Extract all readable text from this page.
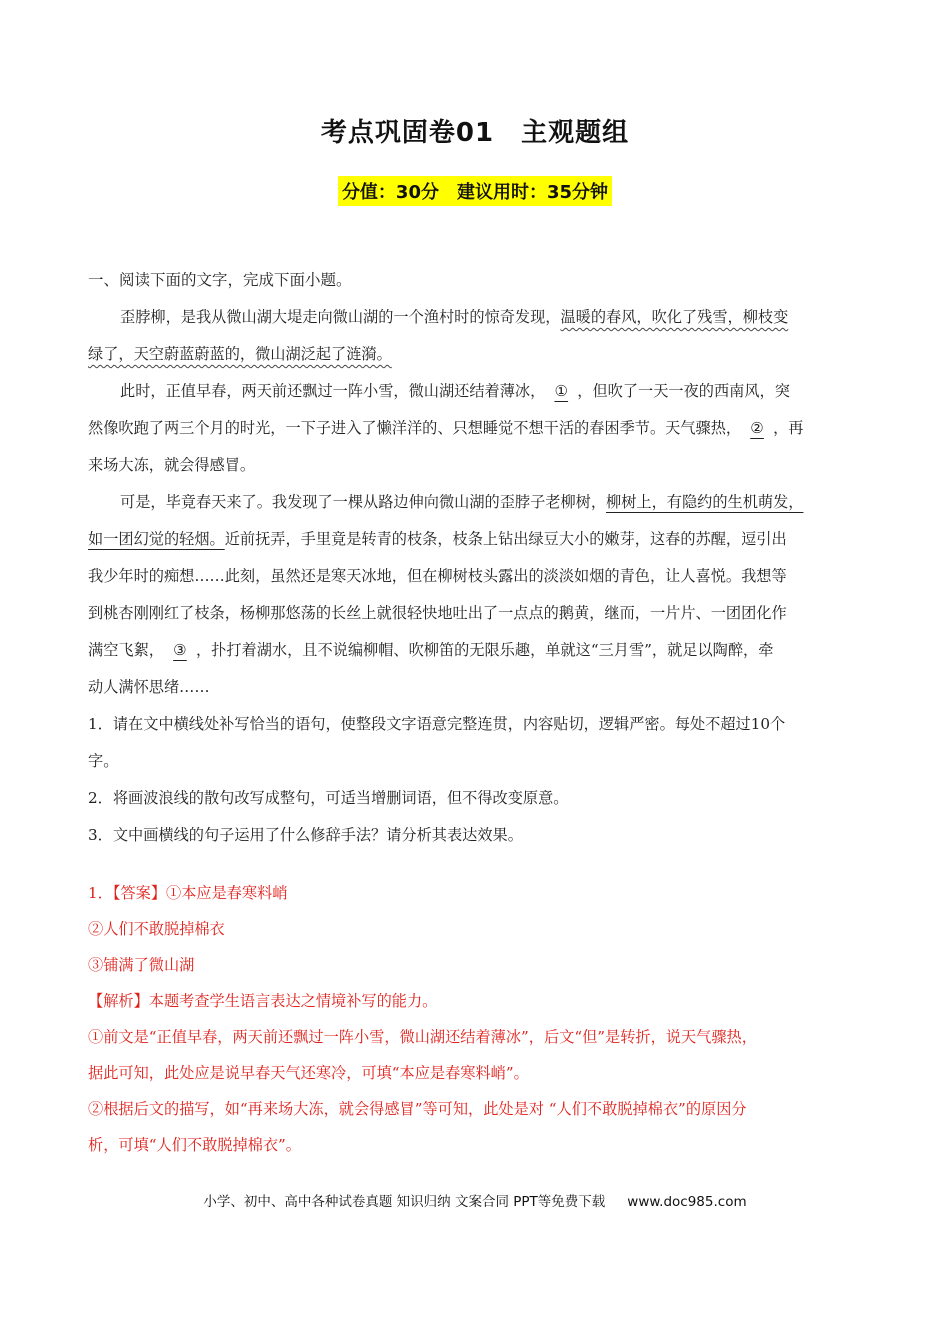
考点巩固卷01　主观题组
分值：30分　建议用时：35分钟
一、阅读下面的文字，完成下面小题。
歪脖柳，是我从微山湖大堤走向微山湖的一个渔村时的惊奇发现，温暖的春风，吹化了残雪，柳枝变
绿了，天空蔚蓝蔚蓝的，微山湖泛起了涟漪。
此时，正值早春，两天前还飘过一阵小雪，微山湖还结着薄冰， ① ，但吹了一天一夜的西南风，突
然像吹跑了两三个月的时光，一下子进入了懒洋洋的、只想睡觉不想干活的春困季节。天气骤热， ② ，再
来场大冻，就会得感冒。
可是，毕竟春天来了。我发现了一棵从路边伸向微山湖的歪脖子老柳树，柳树上，有隐约的生机萌发，
如一团幻觉的轻烟。近前抚弄，手里竟是转青的枝条，枝条上钻出绿豆大小的嫩芽，这春的苏醒，逗引出
我少年时的痴想……此刻，虽然还是寒天冰地，但在柳树枝头露出的淡淡如烟的青色，让人喜悦。我想等
到桃杏刚刚红了枝条，杨柳那悠荡的长丝上就很轻快地吐出了一点点的鹅黄，继而，一片片、一团团化作
满空飞絮， ③ ，扑打着湖水，且不说编柳帽、吹柳笛的无限乐趣，单就这“三月雪”，就足以陶醉，牵
动人满怀思绪……
1．请在文中横线处补写恰当的语句，使整段文字语意完整连贯，内容贴切，逻辑严密。每处不超过10个
字。
2．将画波浪线的散句改写成整句，可适当增删词语，但不得改变原意。
3．文中画横线的句子运用了什么修辞手法？请分析其表达效果。
1．【答案】①本应是春寒料峭
②人们不敢脱掉棉衣
③铺满了微山湖
【解析】本题考查学生语言表达之情境补写的能力。
①前文是“正值早春，两天前还飘过一阵小雪，微山湖还结着薄冰”，后文“但”是转折，说天气骤热，
据此可知，此处应是说早春天气还寒冷，可填“本应是春寒料峭”。
②根据后文的描写，如“再来场大冻，就会得感冒”等可知，此处是对 “人们不敢脱掉棉衣”的原因分
析，可填“人们不敢脱掉棉衣”。
小学、初中、高中各种试卷真题 知识归纳 文案合同 PPT等免费下载 www.doc985.com
